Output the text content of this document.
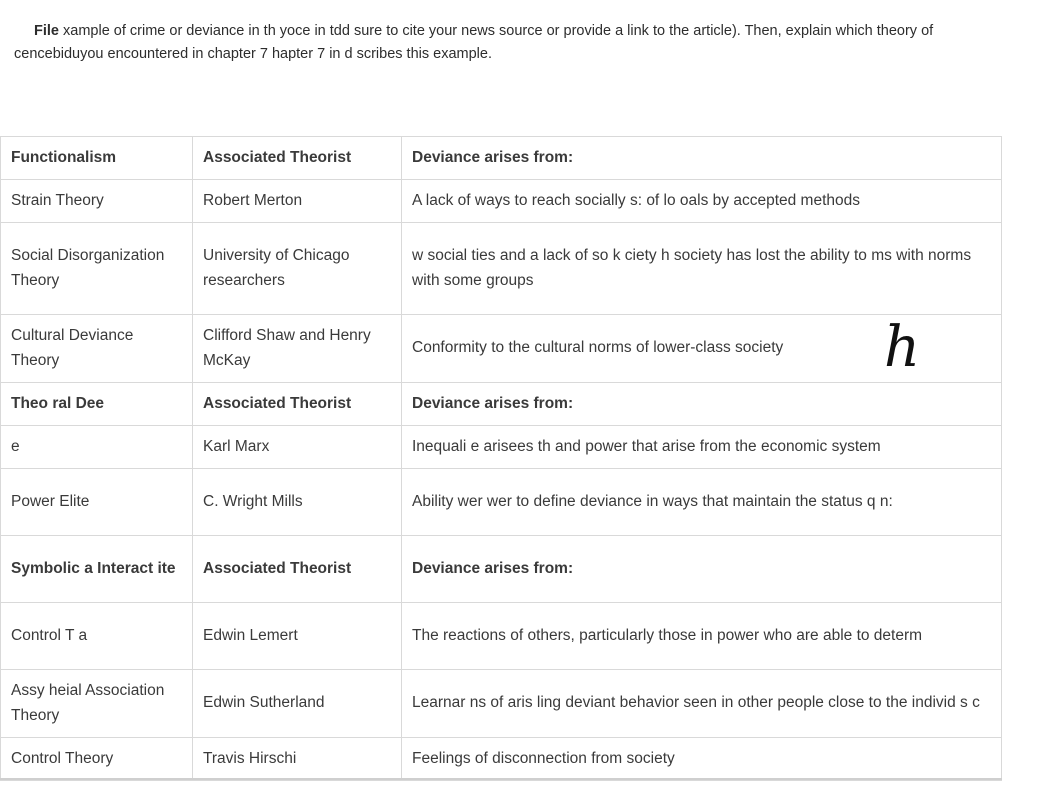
File xample of crime or deviance in th yoce in tdd sure to cite your news source or provide a link to the article). Then, explain which theory of
cencebiduyou encountered in chapter 7 hapter 7 in d scribes this example.
Functionalism	Associated Theorist	Deviance arises from:
Strain Theory	Robert Merton	A lack of ways to reach socially s: of lo oals by accepted methods
Social Disorganization Theory	University of Chicago researchers	w social ties and a lack of so k ciety h society has lost the ability to ms with norms with some groups
Cultural Deviance Theory	Clifford Shaw and Henry McKay	Conformity to the cultural norms of lower-class society
Theo ral Dee	Associated Theorist	Deviance arises from:
e	Karl Marx	Inequali e arisees th and power that arise from the economic system
Power Elite	C. Wright Mills	Ability wer wer to define deviance in ways that maintain the status q n:
Symbolic a Interact ite	Associated Theorist	Deviance arises from:
Control T a	Edwin Lemert	The reactions of others, particularly those in power who are able to determ
Assy heial Association Theory	Edwin Sutherland	Learnar ns of aris ling deviant behavior seen in other people close to the individ s c
Control Theory	Travis Hirschi	Feelings of disconnection from society
h
